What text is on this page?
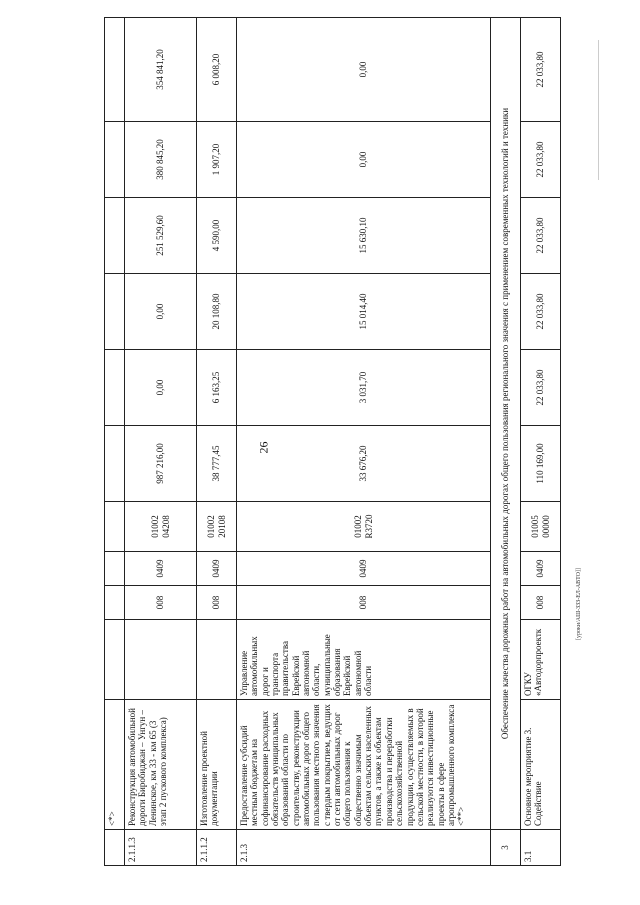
26
	<*>										
2.1.1.3	Реконструкция автомобильной дороги Биробиджан – Унгун – Ленинское, км 33 - км 65 (3 этап 2 пускового комплекса)		008	0409	01002 04208	987 216,00	0,00	0,00	251 529,60	380 845,20	354 841,20
2.1.1.2	Изготовление проектной документации		008	0409	01002 20108	38 777,45	6 163,25	20 108,80	4 590,00	1 907,20	6 008,20
2.1.3	Предоставление субсидий местным бюджетам на софинансирование расходных обязательств муниципальных образований области по строительству, реконструкции автомобильных дорог общего пользования местного значения с твердым покрытием, ведущих от сети автомобильных дорог общего пользования к общественно значимым объектам сельских населенных пунктов, а также к объектам производства и переработки сельскохозяйственной продукции, осуществляемых в сельской местности, в которой реализуются инвестиционные проекты в сфере агропромышленного комплекса <**>	Управление автомобильных дорог и транспорта правительства Еврейской автономной области, муниципальные образования Еврейской автономной области	008	0409	01002 R3720	33 676,20	3 031,70	15 014,40	15 630,10	0,00	0,00
3	Обеспечение качества дорожных работ на автомобильных дорогах общего пользования регионального значения с применением современных технологий и техники										
3.1	Основное мероприятие 3. Содействие	ОГКУ «Автодорпроектк	008	0409	01005 00000	110 169,00	22 033,80	22 033,80	22 033,80	22 033,80	22 033,80
[уроки/АШ-ЗЗЗ-ЕЛ-АВТО]]
